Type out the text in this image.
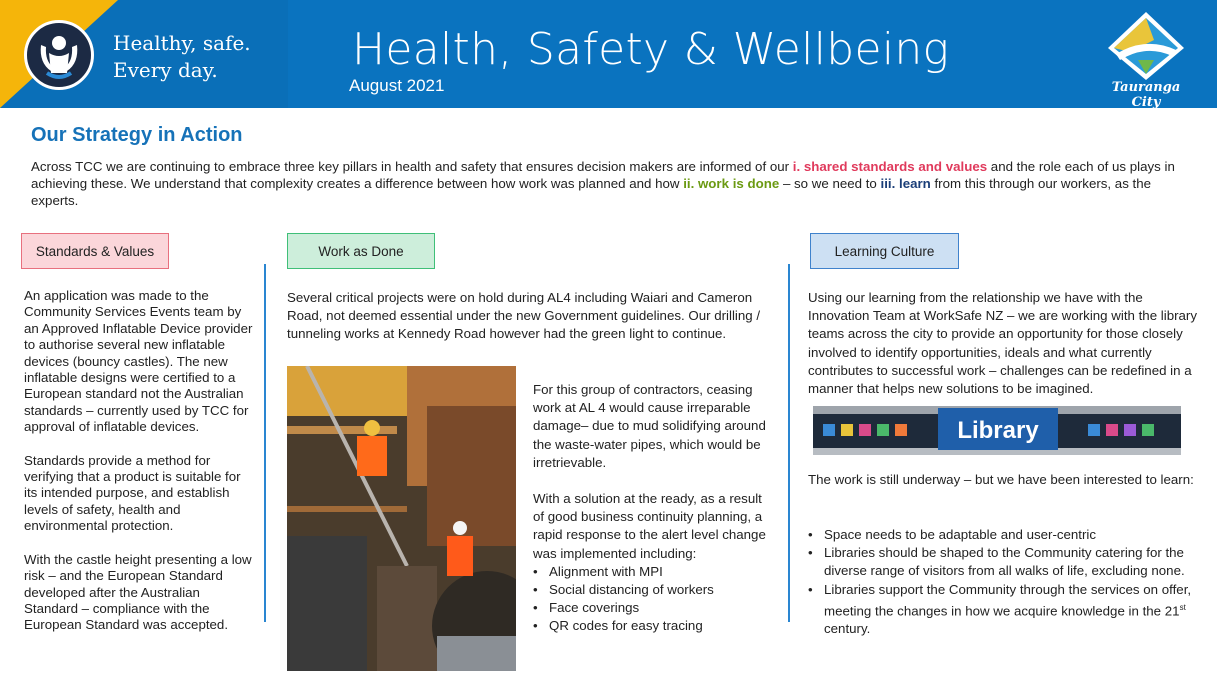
Healthy, safe.
Every day.	Health, Safety & Wellbeing
August 2021	Tauranga City
Our Strategy in Action
Across TCC we are continuing to embrace three key pillars in health and safety that ensures decision makers are informed of our i. shared standards and values and the role each of us plays in achieving these. We understand that complexity creates a difference between how work was planned and how ii. work is done – so we need to iii. learn from this through our workers, as the experts.
Standards & Values	Work as Done	Learning Culture

An application was made to the Community Services Events team by an Approved Inflatable Device provider to authorise several new inflatable devices (bouncy castles). The new inflatable designs were certified to a European standard not the Australian standards – currently used by TCC for approval of inflatable devices.

Standards provide a method for verifying that a product is suitable for its intended purpose, and establish levels of safety, health and environmental protection.

With the castle height presenting a low risk – and the European Standard developed after the Australian Standard – compliance with the European Standard was accepted.

Several critical projects were on hold during AL4 including Waiari and Cameron Road, not deemed essential under the new Government guidelines. Our drilling / tunneling works at Kennedy Road however had the green light to continue.

For this group of contractors, ceasing work at AL 4 would cause irreparable damage– due to mud solidifying around the waste-water pipes, which would be irretrievable.

With a solution at the ready, as a result of good business continuity planning, a rapid response to the alert level change was implemented including:

• Alignment with MPI
• Social distancing of workers
• Face coverings
• QR codes for easy tracing
Using our learning from the relationship we have with the Innovation Team at WorkSafe NZ – we are working with the library teams across the city to provide an opportunity for those closely involved to identify opportunities, ideals and what currently contributes to successful work – challenges can be redefined in a manner that helps new solutions to be imagined.
Library
The work is still underway – but we have been interested to learn:
• Space needs to be adaptable and user-centric
• Libraries should be shaped to the Community catering for the diverse range of visitors from all walks of life, excluding none.
• Libraries support the Community through the services on offer, meeting the changes in how we acquire knowledge in the 21st century.
